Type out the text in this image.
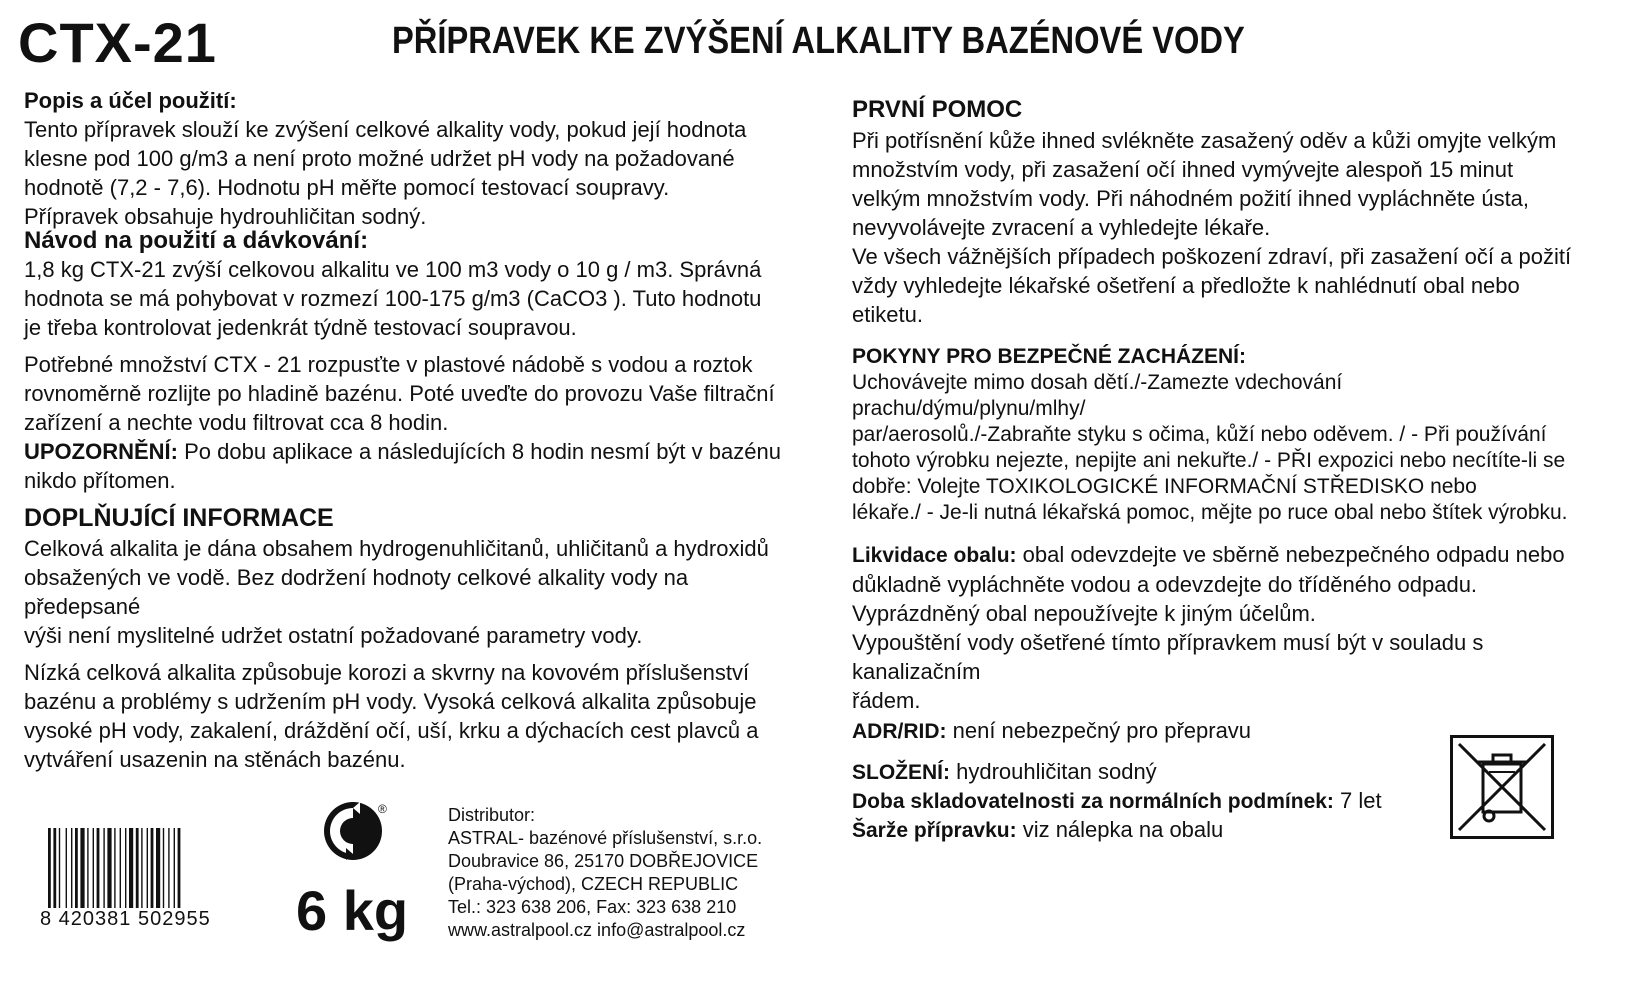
CTX-21	PŘÍPRAVEK KE ZVÝŠENÍ ALKALITY BAZÉNOVÉ VODY

Popis a účel použití:

Tento přípravek slouží ke zvýšení celkové alkality vody, pokud její hodnota

klesne pod 100 g/m3 a není proto možné udržet pH vody na požadované

hodnotě (7,2 - 7,6). Hodnotu pH měřte pomocí testovací soupravy.

Přípravek obsahuje hydrouhličitan sodný.

Návod na použití a dávkování:

1,8 kg CTX-21 zvýší celkovou alkalitu ve 100 m3 vody o 10 g / m3. Správná

hodnota se má pohybovat v rozmezí 100-175 g/m3 (CaCO3 ). Tuto hodnotu

je třeba kontrolovat jedenkrát týdně testovací soupravou.

Potřebné množství CTX - 21 rozpusťte v plastové nádobě s vodou a roztok

rovnoměrně rozlijte po hladině bazénu. Poté uveďte do provozu Vaše filtrační

zařízení a nechte vodu filtrovat cca 8 hodin.

UPOZORNĚNÍ: Po dobu aplikace a následujících 8 hodin nesmí být v bazénu

nikdo přítomen.

DOPLŇUJÍCÍ INFORMACE

Celková alkalita je dána obsahem hydrogenuhličitanů, uhličitanů a hydroxidů

obsažených ve vodě. Bez dodržení hodnoty celkové alkality vody na předepsané

výši není myslitelné udržet ostatní požadované parametry vody.

Nízká celková alkalita způsobuje korozi a skvrny na kovovém příslušenství

bazénu a problémy s udržením pH vody. Vysoká celková alkalita způsobuje

vysoké pH vody, zakalení, dráždění očí, uší, krku a dýchacích cest plavců a

vytváření usazenin na stěnách bazénu.

PRVNÍ POMOC

Při potřísnění kůže ihned svlékněte zasažený oděv a kůži omyjte velkým

množstvím vody, při zasažení očí ihned vymývejte alespoň 15 minut

velkým množstvím vody. Při náhodném požití ihned vypláchněte ústa,

nevyvolávejte zvracení a vyhledejte lékaře.

Ve všech vážnějších případech poškození zdraví, při zasažení očí a požití

vždy vyhledejte lékařské ošetření a předložte k nahlédnutí obal nebo

etiketu.

POKYNY PRO BEZPEČNÉ ZACHÁZENÍ:

Uchovávejte mimo dosah dětí./-Zamezte vdechování prachu/dýmu/plynu/mlhy/

par/aerosolů./-Zabraňte styku s očima, kůží nebo oděvem. / - Při používání

tohoto výrobku nejezte, nepijte ani nekuřte./ - PŘI expozici nebo necítíte-li se

dobře: Volejte TOXIKOLOGICKÉ INFORMAČNÍ STŘEDISKO nebo

lékaře./ - Je-li nutná lékařská pomoc, mějte po ruce obal nebo štítek výrobku.

Likvidace obalu: obal odevzdejte ve sběrně nebezpečného odpadu nebo

důkladně vypláchněte vodou a odevzdejte do tříděného odpadu.

Vyprázdněný obal nepoužívejte k jiným účelům.

Vypouštění vody ošetřené tímto přípravkem musí být v souladu s kanalizačním

řádem.

ADR/RID: není nebezpečný pro přepravu

SLOŽENÍ: hydrouhličitan sodný

Doba skladovatelnosti za normálních podmínek: 7 let

Šarže přípravku: viz nálepka na obalu

8 420381 502955
®
6 kg
Distributor:
ASTRAL- bazénové příslušenství, s.r.o.
Doubravice 86, 25170 DOBŘEJOVICE
(Praha-východ), CZECH REPUBLIC
Tel.: 323 638 206, Fax: 323 638 210
www.astralpool.cz info@astralpool.cz
